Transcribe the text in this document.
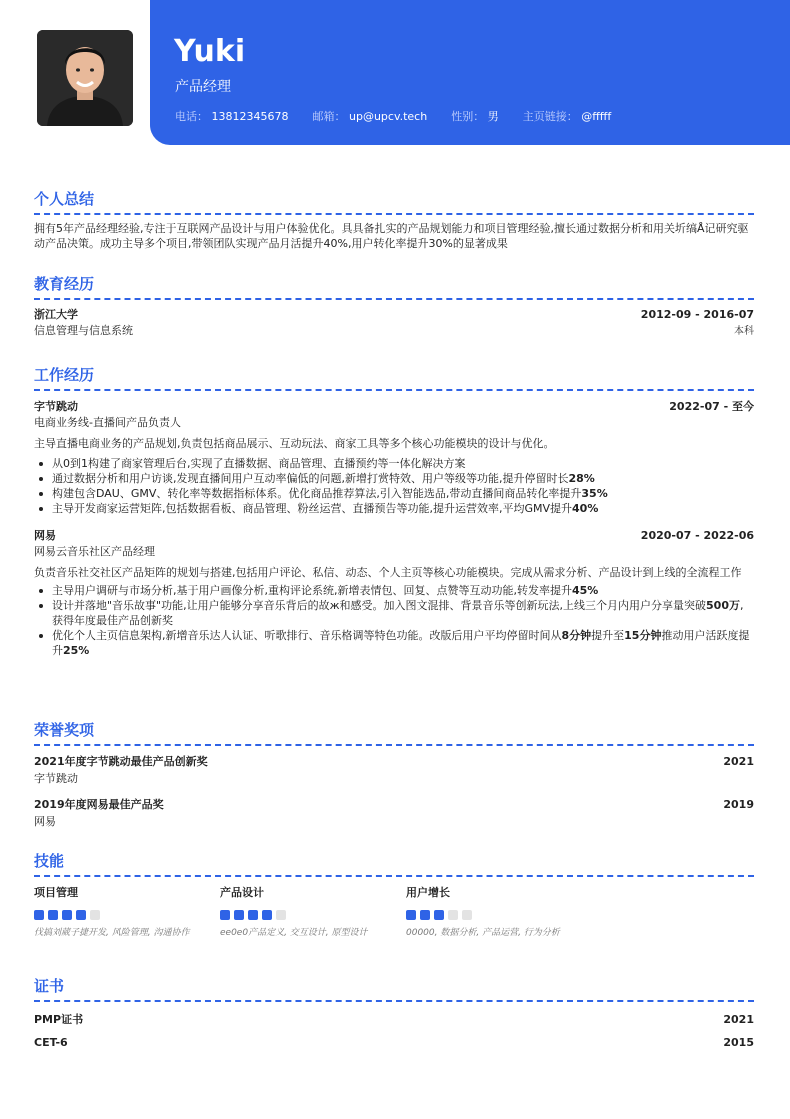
Yuki
产品经理
电话： 13812345678 邮箱： up@upcv.tech 性别： 男 主页链接： @fffff
个人总结
拥有5年产品经理经验,专注于互联网产品设计与用户体验优化。具具备扎实的产品规划能力和项目管理经验,擅长通过数据分析和用关圻缟Å记研究驱动产品决策。成功主导多个项目,带领团队实现产品月活提升40%,用户转化率提升30%的显著成果
教育经历
浙江大学	2012-09 - 2016-07
信息管理与信息系统	本科
工作经历
字节跳动	2022-07 - 至今
电商业务线-直播间产品负责人
主导直播电商业务的产品规划,负责包括商品展示、互动玩法、商家工具等多个核心功能模块的设计与优化。
从0到1构建了商家管理后台,实现了直播数据、商品管理、直播预约等一体化解决方案
通过数据分析和用户访谈,发现直播间用户互动率偏低的问题,新增打赏特效、用户等级等功能,提升停留时长28%
构建包含DAU、GMV、转化率等数据指标体系。优化商品推荐算法,引入智能选品,带动直播间商品转化率提升35%
主导开发商家运营矩阵,包括数据看板、商品管理、粉丝运营、直播预告等功能,提升运营效率,平均GMV提升40%
网易	2020-07 - 2022-06
网易云音乐社区产品经理
负责音乐社交社区产品矩阵的规划与搭建,包括用户评论、私信、动态、个人主页等核心功能模块。完成从需求分析、产品设计到上线的全流程工作
主导用户调研与市场分析,基于用户画像分析,重构评论系统,新增表情包、回复、点赞等互动功能,转发率提升45%
设计并落地"音乐故事"功能,让用户能够分享音乐背后的故ж和感受。加入图文混排、背景音乐等创新玩法,上线三个月内用户分享量突破500万,获得年度最佳产品创新奖
优化个人主页信息架构,新增音乐达人认证、听歌排行、音乐格调等特色功能。改版后用户平均停留时间从8分钟提升至15分钟推动用户活跃度提升25%
荣誉奖项
2021年度字节跳动最佳产品创新奖	2021
字节跳动
2019年度网易最佳产品奖	2019
网易
技能
项目管理
伐搞刘葳子捷开发, 风险管理, 沟通协作
产品设计
ee0e0产品定义, 交互设计, 原型设计
用户增长
00000, 数据分析, 产品运营, 行为分析
证书
PMP证书	2021
CET-6	2015
